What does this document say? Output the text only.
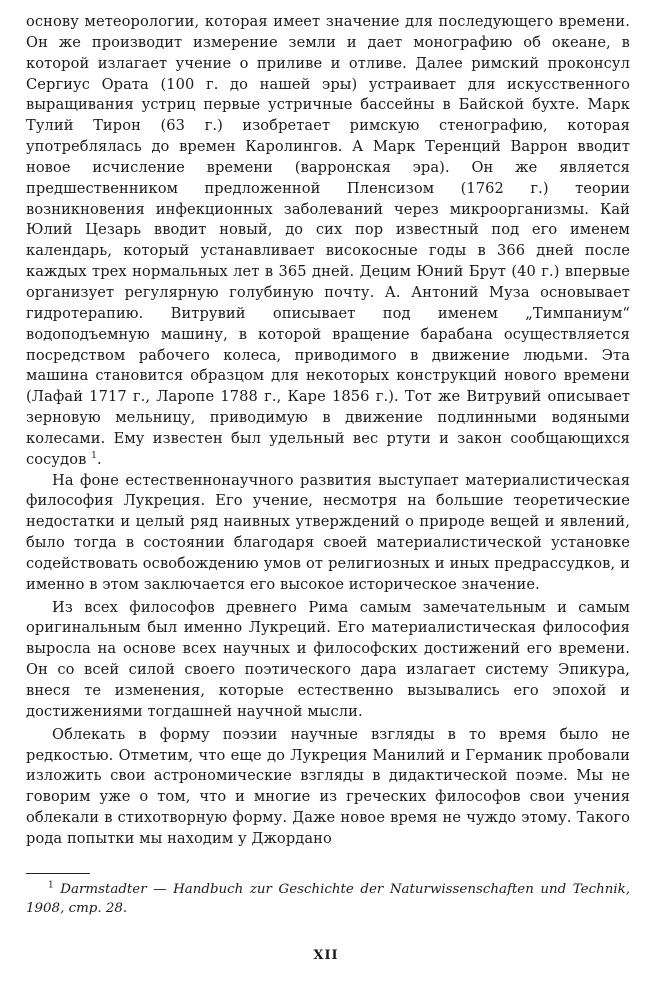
основу метеорологии, которая имеет значение для последующего времени. Он же производит измерение земли и дает монографию об океане, в которой излагает учение о приливе и отливе. Далее римский проконсул Сергиус Ората (100 г. до нашей эры) устраивает для искусственного выращивания устриц первые устричные бассейны в Байской бухте. Марк Тулий Тирон (63 г.) изобретает римскую стенографию, которая употреблялась до времен Каролингов. А Марк Теренций Варрон вводит новое исчисление времени (варронская эра). Он же является предшественником предложенной Пленсизом (1762 г.) теории возникновения инфекционных заболеваний через микроорганизмы. Кай Юлий Цезарь вводит новый, до сих пор известный под его именем календарь, который устанавливает високосные годы в 366 дней после каждых трех нормальных лет в 365 дней. Децим Юний Брут (40 г.) впервые организует регулярную голубиную почту. А. Антоний Муза основывает гидротерапию. Витрувий описывает под именем „Тимпаниум“ водоподъемную машину, в которой вращение барабана осуществляется посредством рабочего колеса, приводимого в движение людьми. Эта машина становится образцом для некоторых конструкций нового времени (Лафай 1717 г., Ларопе 1788 г., Каре 1856 г.). Тот же Витрувий описывает зерновую мельницу, приводимую в движение подлинными водяными колесами. Ему известен был удельный вес ртути и закон сообщающихся сосудов $^1$.

На фоне естественнонаучного развития выступает материалистическая философия Лукреция. Его учение, несмотря на большие теоретические недостатки и целый ряд наивных утверждений о природе вещей и явлений, было тогда в состоянии благодаря своей материалистической установке содействовать освобождению умов от религиозных и иных предрассудков, и именно в этом заключается его высокое историческое значение.

Из всех философов древнего Рима самым замечательным и самым оригинальным был именно Лукреций. Его материалистическая философия выросла на основе всех научных и философских достижений его времени. Он со всей силой своего поэтического дара излагает систему Эпикура, внеся те изменения, которые естественно вызывались его эпохой и достижениями тогдашней научной мысли.

Облекать в форму поэзии научные взгляды в то время было не редкостью. Отметим, что еще до Лукреция Манилий и Германик пробовали изложить свои астрономические взгляды в дидактической поэме. Мы не говорим уже о том, что и многие из греческих философов свои учения облекали в стихотворную форму. Даже новое время не чуждо этому. Такого рода попытки мы находим у Джордано

$^1$ Darmstadter — Handbuch zur Geschichte der Naturwissenschaften und Technik, 1908, стр. 28.

XII
